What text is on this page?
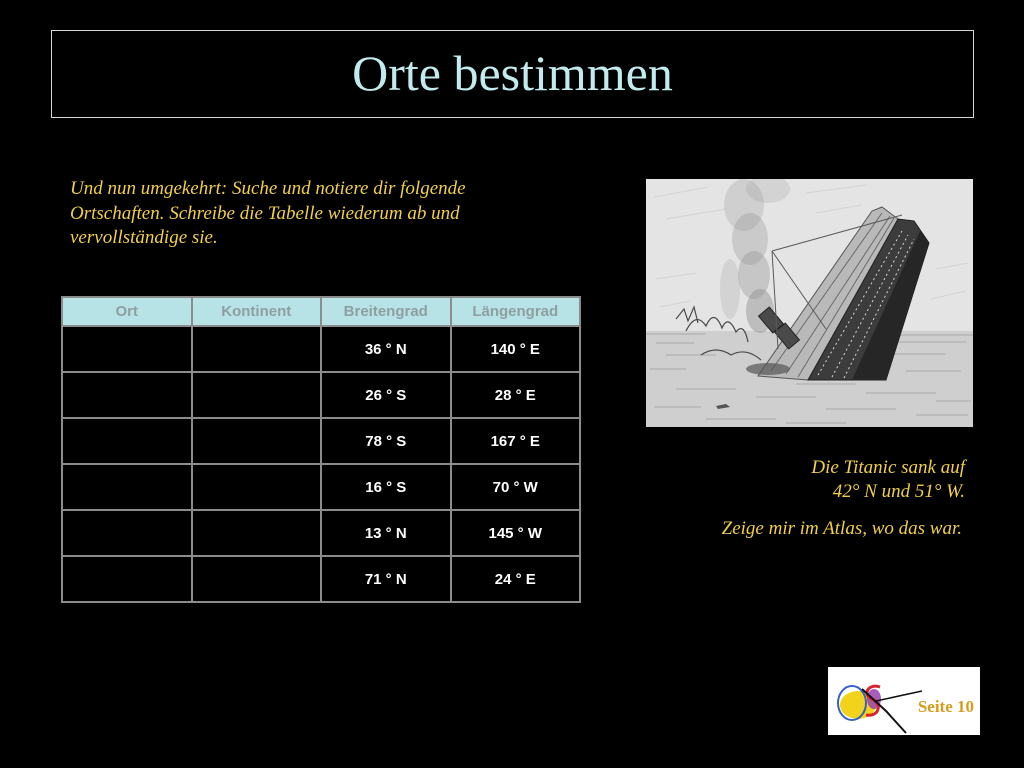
Orte bestimmen
Und nun umgekehrt: Suche und notiere dir folgende
Ortschaften. Schreibe die Tabelle wiederum ab und
vervollständige sie.
Ort	Kontinent	Breitengrad	Längengrad
		36 ° N	140 ° E
		26 ° S	28 ° E
		78 ° S	167 ° E
		16 ° S	70 ° W
		13 ° N	145 ° W
		71 ° N	24 ° E
Die Titanic sank auf
42° N und 51° W.
Zeige mir im Atlas, wo das war.
Seite 10
